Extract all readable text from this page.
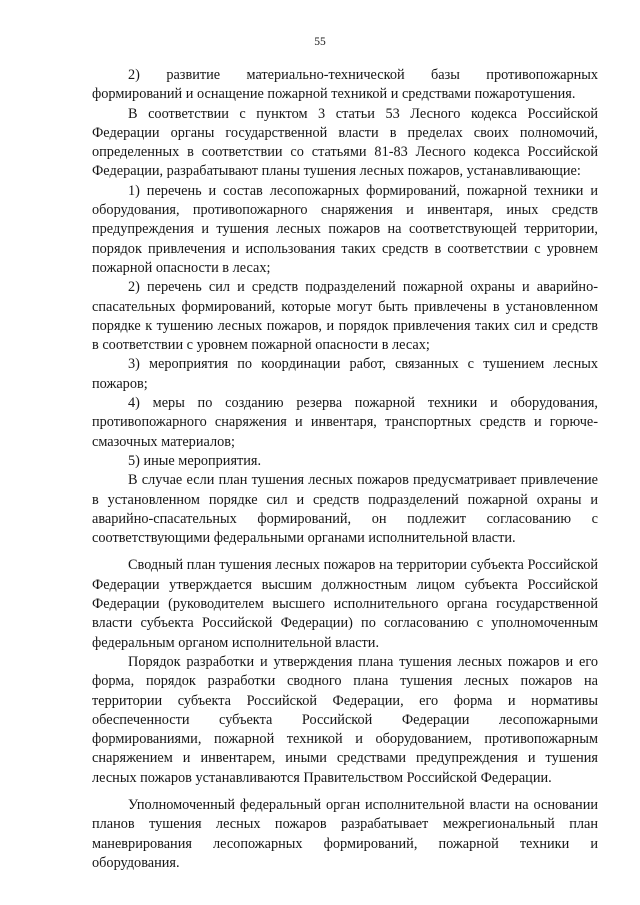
55

2) развитие материально-технической базы противопожарных формирований и оснащение пожарной техникой и средствами пожаротушения.

В соответствии с пунктом 3 статьи 53 Лесного кодекса Российской Федерации органы государственной власти в пределах своих полномочий, определенных в соответствии со статьями 81-83 Лесного кодекса Российской Федерации, разрабатывают планы тушения лесных пожаров, устанавливающие:

1) перечень и состав лесопожарных формирований, пожарной техники и оборудования, противопожарного снаряжения и инвентаря, иных средств предупреждения и тушения лесных пожаров на соответствующей территории, порядок привлечения и использования таких средств в соответствии с уровнем пожарной опасности в лесах;

2) перечень сил и средств подразделений пожарной охраны и аварийно-спасательных формирований, которые могут быть привлечены в установленном порядке к тушению лесных пожаров, и порядок привлечения таких сил и средств в соответствии с уровнем пожарной опасности в лесах;

3) мероприятия по координации работ, связанных с тушением лесных пожаров;

4) меры по созданию резерва пожарной техники и оборудования, противопожарного снаряжения и инвентаря, транспортных средств и горюче-смазочных материалов;

5) иные мероприятия.

В случае если план тушения лесных пожаров предусматривает привлечение в установленном порядке сил и средств подразделений пожарной охраны и аварийно-спасательных формирований, он подлежит согласованию с соответствующими федеральными органами исполнительной власти.

Сводный план тушения лесных пожаров на территории субъекта Российской Федерации утверждается высшим должностным лицом субъекта Российской Федерации (руководителем высшего исполнительного органа государственной власти субъекта Российской Федерации) по согласованию с уполномоченным федеральным органом исполнительной власти.

Порядок разработки и утверждения плана тушения лесных пожаров и его форма, порядок разработки сводного плана тушения лесных пожаров на территории субъекта Российской Федерации, его форма и нормативы обеспеченности субъекта Российской Федерации лесопожарными формированиями, пожарной техникой и оборудованием, противопожарным снаряжением и инвентарем, иными средствами предупреждения и тушения лесных пожаров устанавливаются Правительством Российской Федерации.

Уполномоченный федеральный орган исполнительной власти на основании планов тушения лесных пожаров разрабатывает межрегиональный план маневрирования лесопожарных формирований, пожарной техники и оборудования.
